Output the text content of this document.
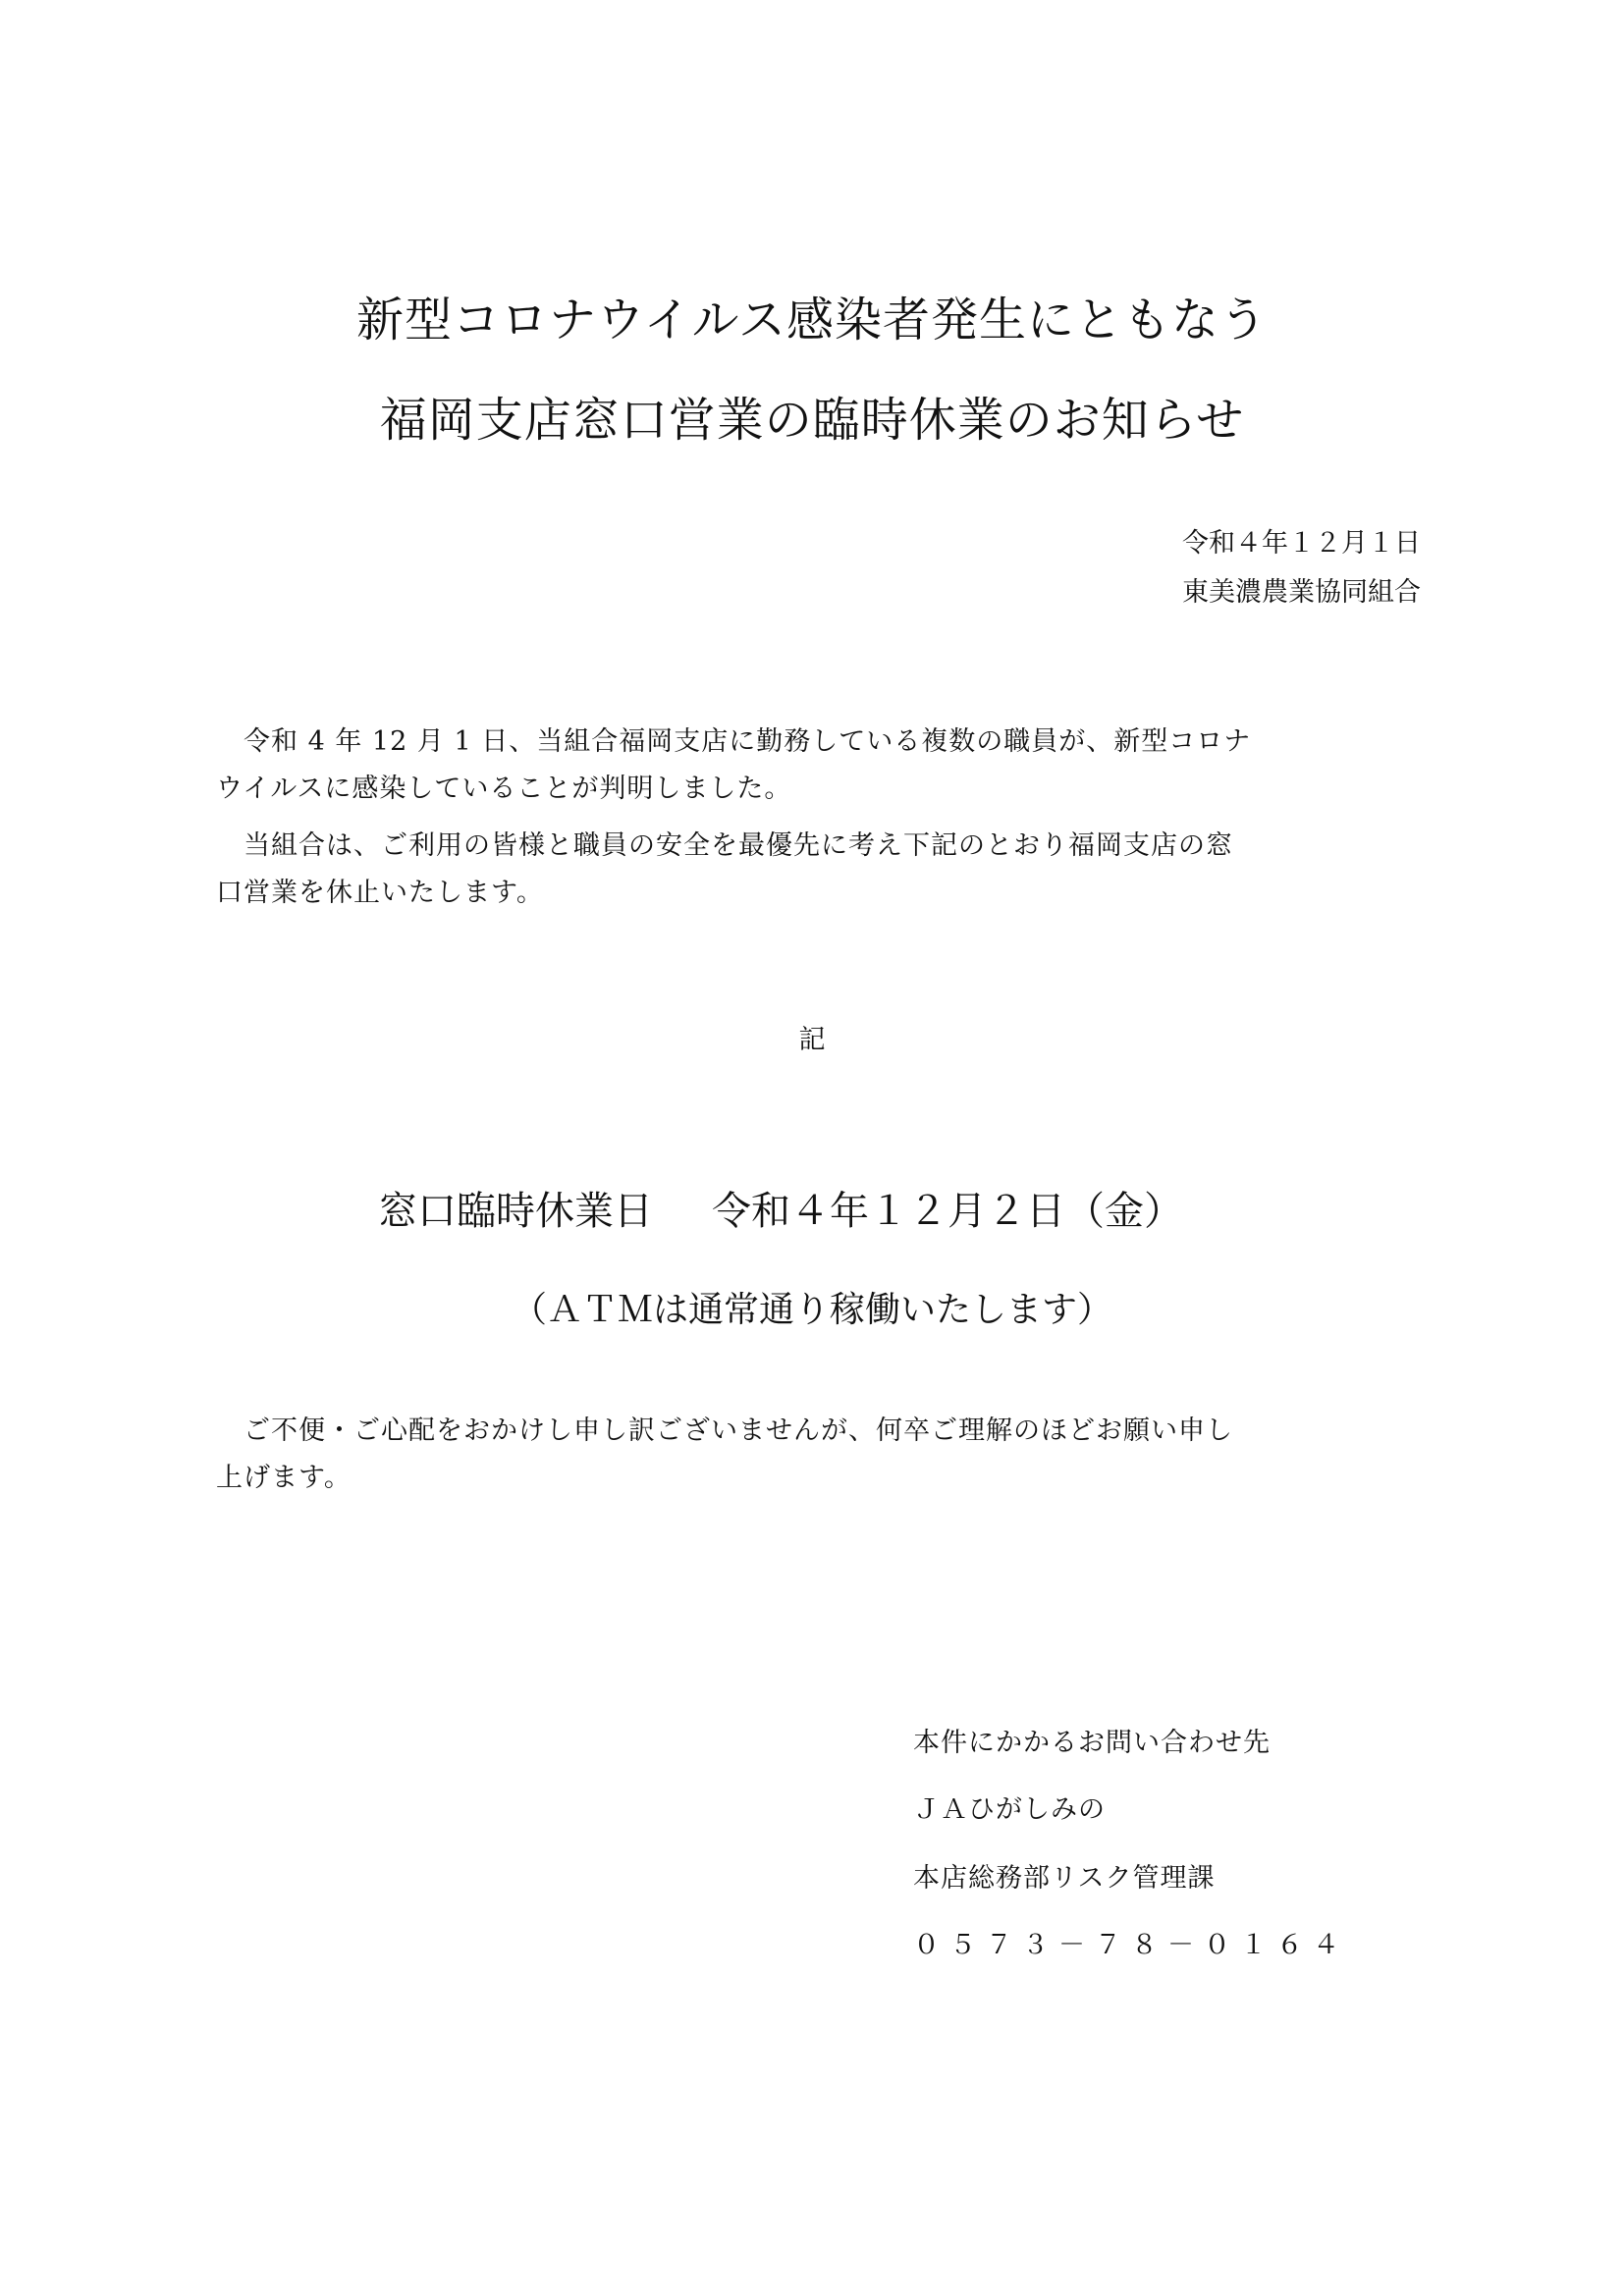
新型コロナウイルス感染者発生にともなう
福岡支店窓口営業の臨時休業のお知らせ
令和４年１２月１日
東美濃農業協同組合
　令和 4 年 12 月 1 日、当組合福岡支店に勤務している複数の職員が、新型コロナ
ウイルスに感染していることが判明しました。
　当組合は、ご利用の皆様と職員の安全を最優先に考え下記のとおり福岡支店の窓
口営業を休止いたします。
記
窓口臨時休業日 令和４年１２月２日（金）
（ＡＴＭは通常通り稼働いたします）
　ご不便・ご心配をおかけし申し訳ございませんが、何卒ご理解のほどお願い申し
上げます。
本件にかかるお問い合わせ先
ＪＡひがしみの
本店総務部リスク管理課
０５７３－７８－０１６４
